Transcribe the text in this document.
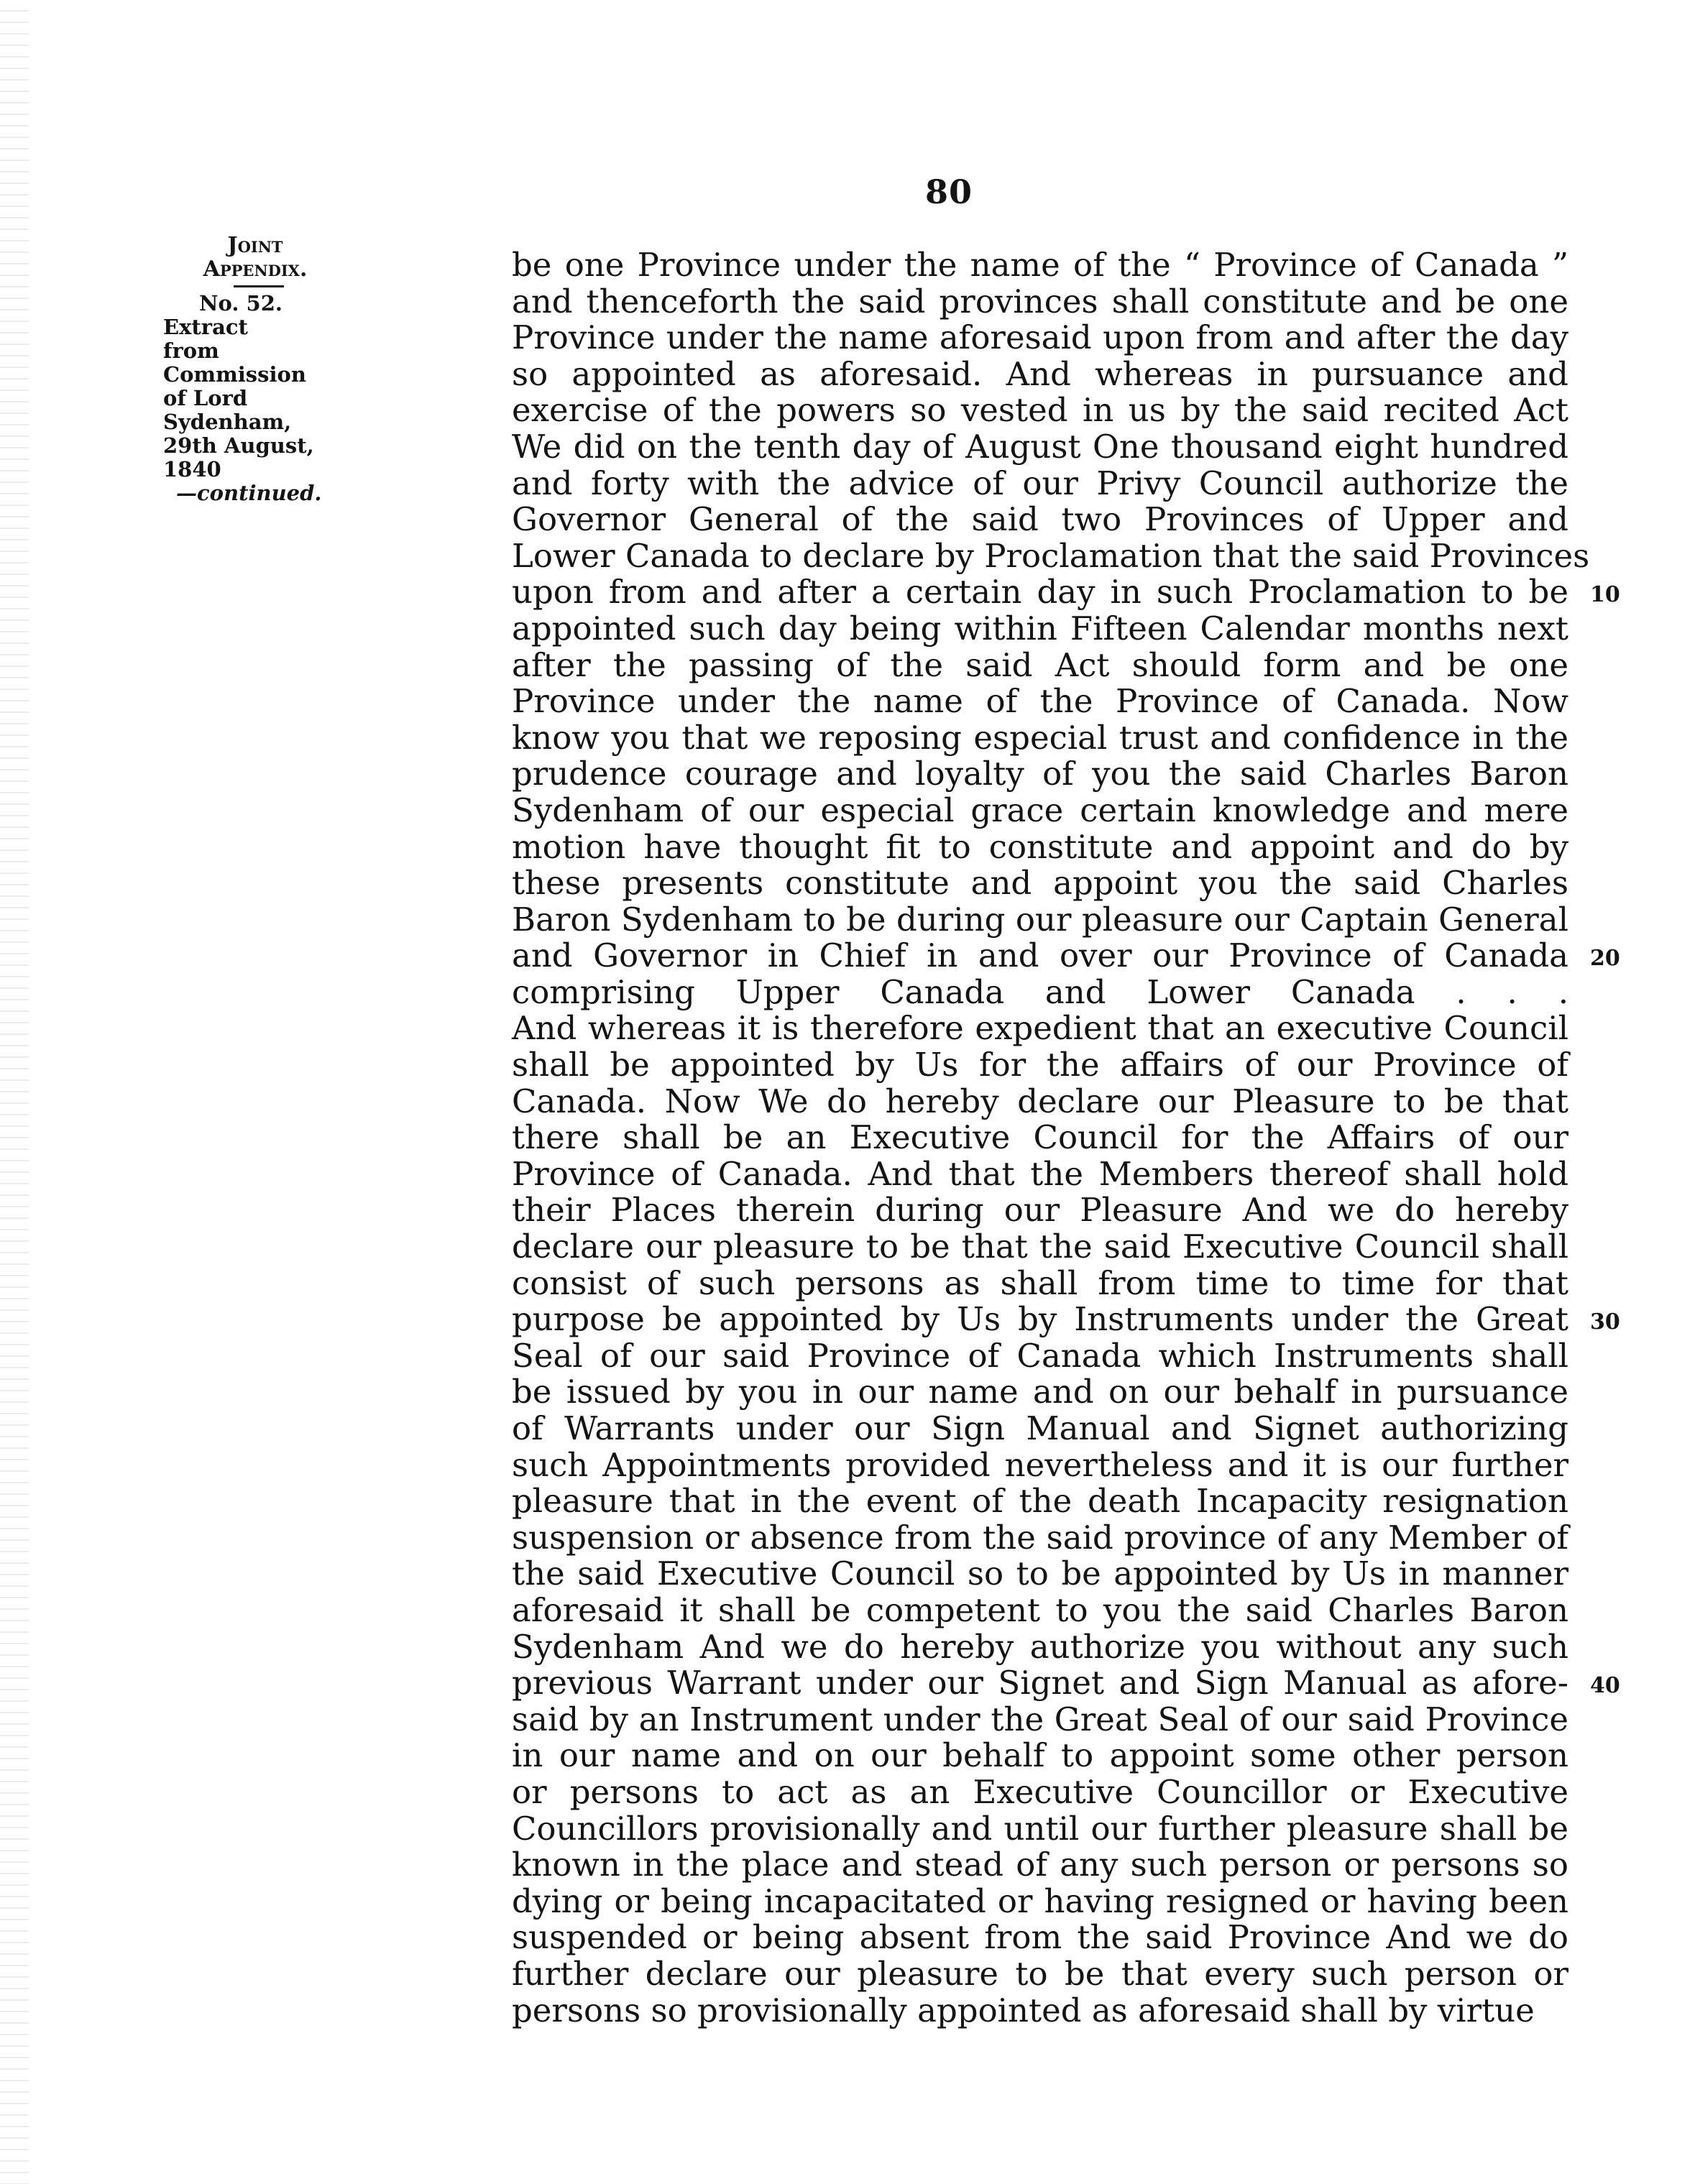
80
Joint
Appendix.
No. 52.
Extract
from
Commission
of Lord
Sydenham,
29th August,
1840
—continued.
be one Province under the name of the “ Province of Canada ”
and thenceforth the said provinces shall constitute and be one
Province under the name aforesaid upon from and after the day
so appointed as aforesaid. And whereas in pursuance and
exercise of the powers so vested in us by the said recited Act
We did on the tenth day of August One thousand eight hundred
and forty with the advice of our Privy Council authorize the
Governor General of the said two Provinces of Upper and
Lower Canada to declare by Proclamation that the said Provinces
upon from and after a certain day in such Proclamation to be 10
appointed such day being within Fifteen Calendar months next
after the passing of the said Act should form and be one
Province under the name of the Province of Canada. Now
know you that we reposing especial trust and confidence in the
prudence courage and loyalty of you the said Charles Baron
Sydenham of our especial grace certain knowledge and mere
motion have thought fit to constitute and appoint and do by
these presents constitute and appoint you the said Charles
Baron Sydenham to be during our pleasure our Captain General
and Governor in Chief in and over our Province of Canada 20
comprising Upper Canada and Lower Canada . . .
And whereas it is therefore expedient that an executive Council
shall be appointed by Us for the affairs of our Province of
Canada. Now We do hereby declare our Pleasure to be that
there shall be an Executive Council for the Affairs of our
Province of Canada. And that the Members thereof shall hold
their Places therein during our Pleasure And we do hereby
declare our pleasure to be that the said Executive Council shall
consist of such persons as shall from time to time for that
purpose be appointed by Us by Instruments under the Great 30
Seal of our said Province of Canada which Instruments shall
be issued by you in our name and on our behalf in pursuance
of Warrants under our Sign Manual and Signet authorizing
such Appointments provided nevertheless and it is our further
pleasure that in the event of the death Incapacity resignation
suspension or absence from the said province of any Member of
the said Executive Council so to be appointed by Us in manner
aforesaid it shall be competent to you the said Charles Baron
Sydenham And we do hereby authorize you without any such
previous Warrant under our Signet and Sign Manual as afore- 40
said by an Instrument under the Great Seal of our said Province
in our name and on our behalf to appoint some other person
or persons to act as an Executive Councillor or Executive
Councillors provisionally and until our further pleasure shall be
known in the place and stead of any such person or persons so
dying or being incapacitated or having resigned or having been
suspended or being absent from the said Province And we do
further declare our pleasure to be that every such person or
persons so provisionally appointed as aforesaid shall by virtue
